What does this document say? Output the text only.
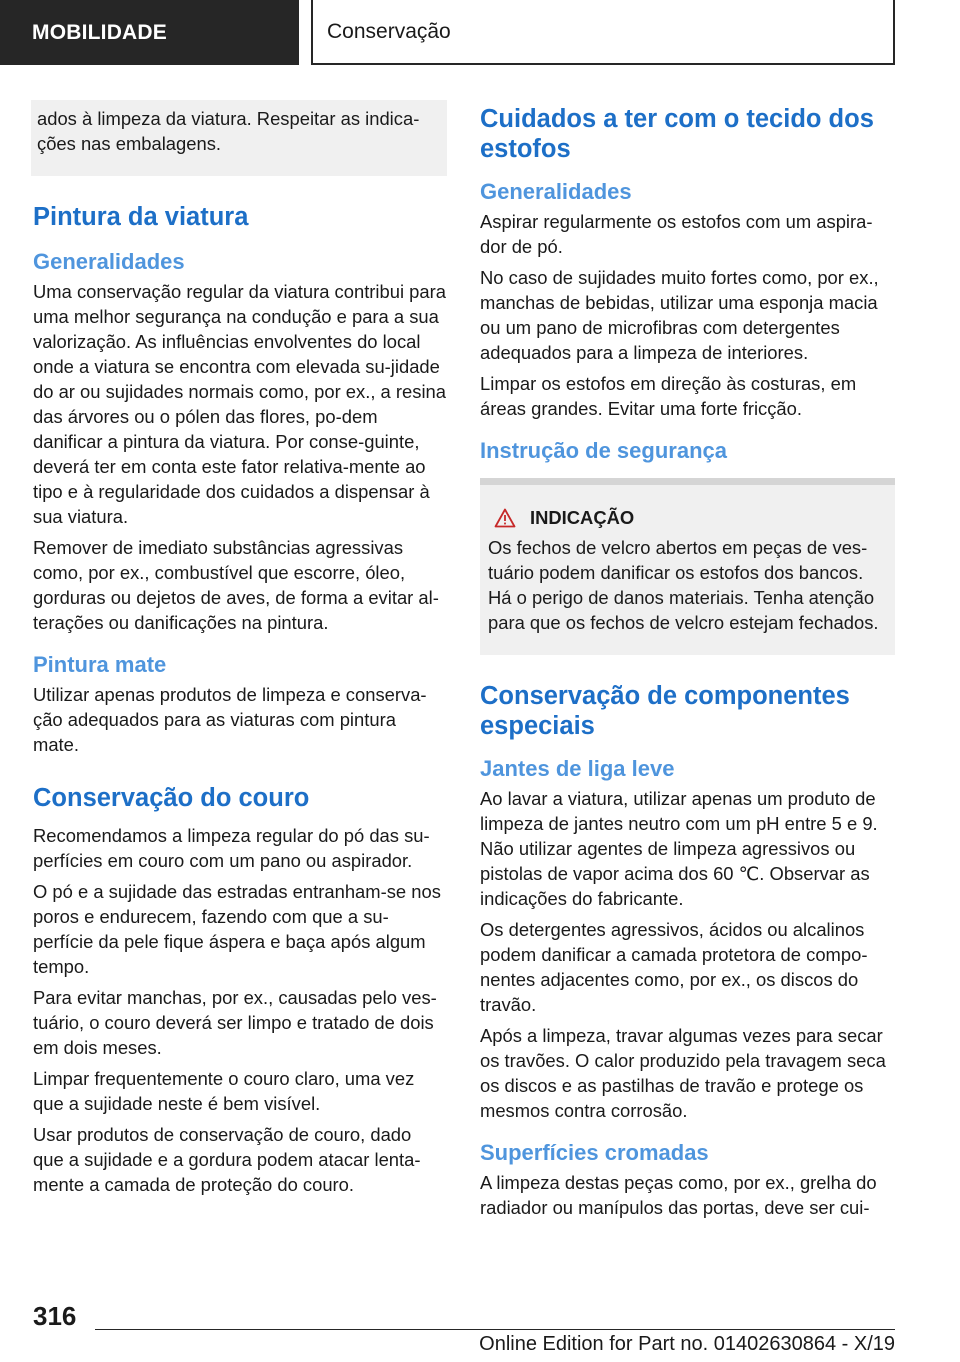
MOBILIDADE	Conservação
ados à limpeza da viatura. Respeitar as indica-ções nas embalagens.
Pintura da viatura
Generalidades

Uma conservação regular da viatura contribui para uma melhor segurança na condução e para a sua valorização. As influências envolventes do local onde a viatura se encontra com elevada su-jidade do ar ou sujidades normais como, por ex., a resina das árvores ou o pólen das flores, po-dem danificar a pintura da viatura. Por conse-guinte, deverá ter em conta este fator relativa-mente ao tipo e à regularidade dos cuidados a dispensar à sua viatura.

Remover de imediato substâncias agressivas como, por ex., combustível que escorre, óleo, gorduras ou dejetos de aves, de forma a evitar al-terações ou danificações na pintura.

Pintura mate

Utilizar apenas produtos de limpeza e conserva-ção adequados para as viaturas com pintura mate.

Conservação do couro

Recomendamos a limpeza regular do pó das su-perfícies em couro com um pano ou aspirador.

O pó e a sujidade das estradas entranham-se nos poros e endurecem, fazendo com que a su-perfície da pele fique áspera e baça após algum tempo.

Para evitar manchas, por ex., causadas pelo ves-tuário, o couro deverá ser limpo e tratado de dois em dois meses.

Limpar frequentemente o couro claro, uma vez que a sujidade neste é bem visível.

Usar produtos de conservação de couro, dado que a sujidade e a gordura podem atacar lenta-mente a camada de proteção do couro.

Cuidados a ter com o tecido dos estofos
Generalidades

Aspirar regularmente os estofos com um aspira-dor de pó.

No caso de sujidades muito fortes como, por ex., manchas de bebidas, utilizar uma esponja macia ou um pano de microfibras com detergentes adequados para a limpeza de interiores.

Limpar os estofos em direção às costuras, em áreas grandes. Evitar uma forte fricção.

Instrução de segurança
INDICAÇÃO

Os fechos de velcro abertos em peças de ves-tuário podem danificar os estofos dos bancos. Há o perigo de danos materiais. Tenha atenção para que os fechos de velcro estejam fechados.

Conservação de componentes especiais
Jantes de liga leve

Ao lavar a viatura, utilizar apenas um produto de limpeza de jantes neutro com um pH entre 5 e 9. Não utilizar agentes de limpeza agressivos ou pistolas de vapor acima dos 60 ℃. Observar as indicações do fabricante.

Os detergentes agressivos, ácidos ou alcalinos podem danificar a camada protetora de compo-nentes adjacentes como, por ex., os discos do travão.

Após a limpeza, travar algumas vezes para secar os travões. O calor produzido pela travagem seca os discos e as pastilhas de travão e protege os mesmos contra corrosão.

Superfícies cromadas

A limpeza destas peças como, por ex., grelha do radiador ou manípulos das portas, deve ser cui-

316
Online Edition for Part no. 01402630864 - X/19
